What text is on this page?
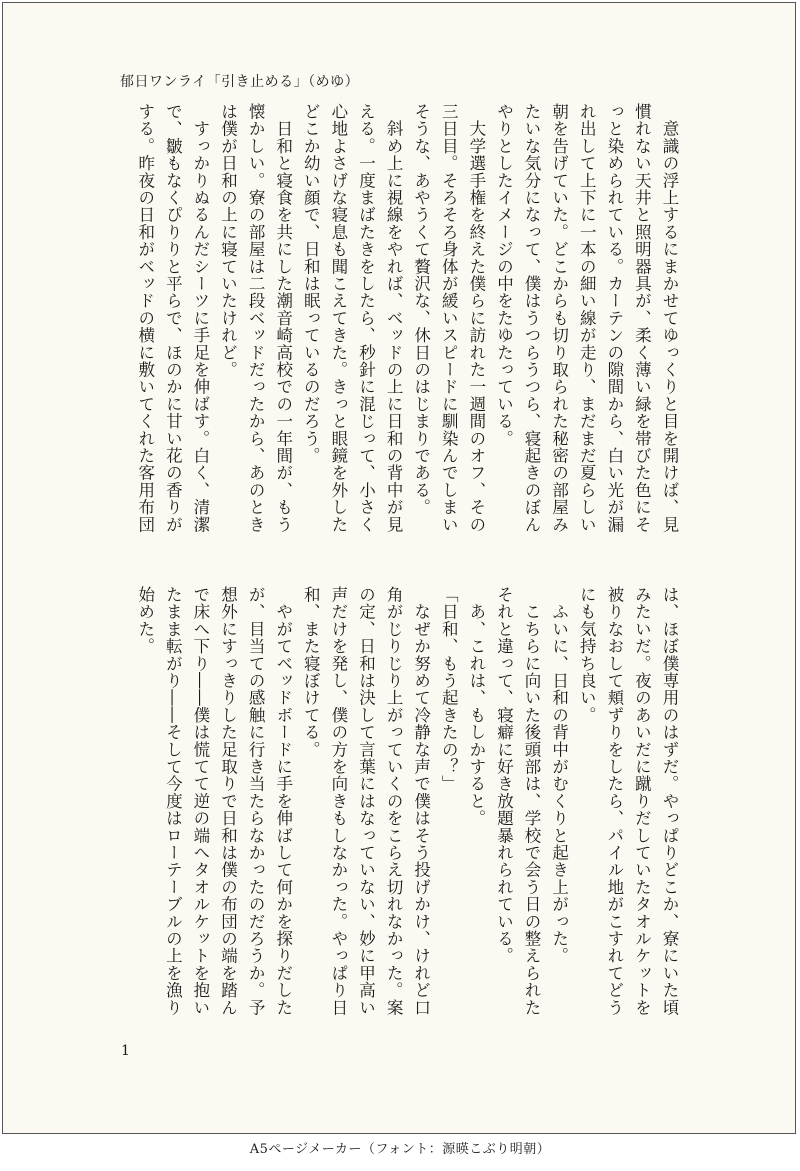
郁日ワンライ「引き止める」（めゆ）
　意識の浮上するにまかせてゆっくりと目を開けば、見
慣れない天井と照明器具が、柔く薄い緑を帯びた色にそ
っと染められている。カーテンの隙間から、白い光が漏
れ出して上下に一本の細い線が走り、まだまだ夏らしい
朝を告げていた。どこからも切り取られた秘密の部屋み
たいな気分になって、僕はうつらうつら、寝起きのぼん
やりとしたイメージの中をたゆたっている。
　大学選手権を終えた僕らに訪れた一週間のオフ、その
三日目。そろそろ身体が緩いスピードに馴染んでしまい
そうな、あやうくて贅沢な、休日のはじまりである。
　斜め上に視線をやれば、ベッドの上に日和の背中が見
える。一度まばたきをしたら、秒針に混じって、小さく
心地よさげな寝息も聞こえてきた。きっと眼鏡を外した
どこか幼い顔で、日和は眠っているのだろう。
　日和と寝食を共にした潮音崎高校での一年間が、もう
懐かしい。寮の部屋は二段ベッドだったから、あのとき
は僕が日和の上に寝ていたけれど。
　すっかりぬるんだシーツに手足を伸ばす。白く、清潔
で、皺もなくぴりりと平らで、ほのかに甘い花の香りが
する。昨夜の日和がベッドの横に敷いてくれた客用布団
は、ほぼ僕専用のはずだ。やっぱりどこか、寮にいた頃
みたいだ。夜のあいだに蹴りだしていたタオルケットを
被りなおして頬ずりをしたら、パイル地がこすれてどう
にも気持ち良い。
　ふいに、日和の背中がむくりと起き上がった。
　こちらに向いた後頭部は、学校で会う日の整えられた
それと違って、寝癖に好き放題暴れられている。
　あ、これは、もしかすると。
「日和、もう起きたの？」
　なぜか努めて冷静な声で僕はそう投げかけ、けれど口
角がじりじり上がっていくのをこらえ切れなかった。案
の定、日和は決して言葉にはなっていない、妙に甲高い
声だけを発し、僕の方を向きもしなかった。やっぱり日
和、また寝ぼけてる。
　やがてベッドボードに手を伸ばして何かを探りだした
が、目当ての感触に行き当たらなかったのだろうか。予
想外にすっきりした足取りで日和は僕の布団の端を踏ん
で床へ下り――僕は慌てて逆の端へタオルケットを抱い
たまま転がり――そして今度はローテーブルの上を漁り
始めた。
1
A5ページメーカー（フォント：源暎こぶり明朝）
